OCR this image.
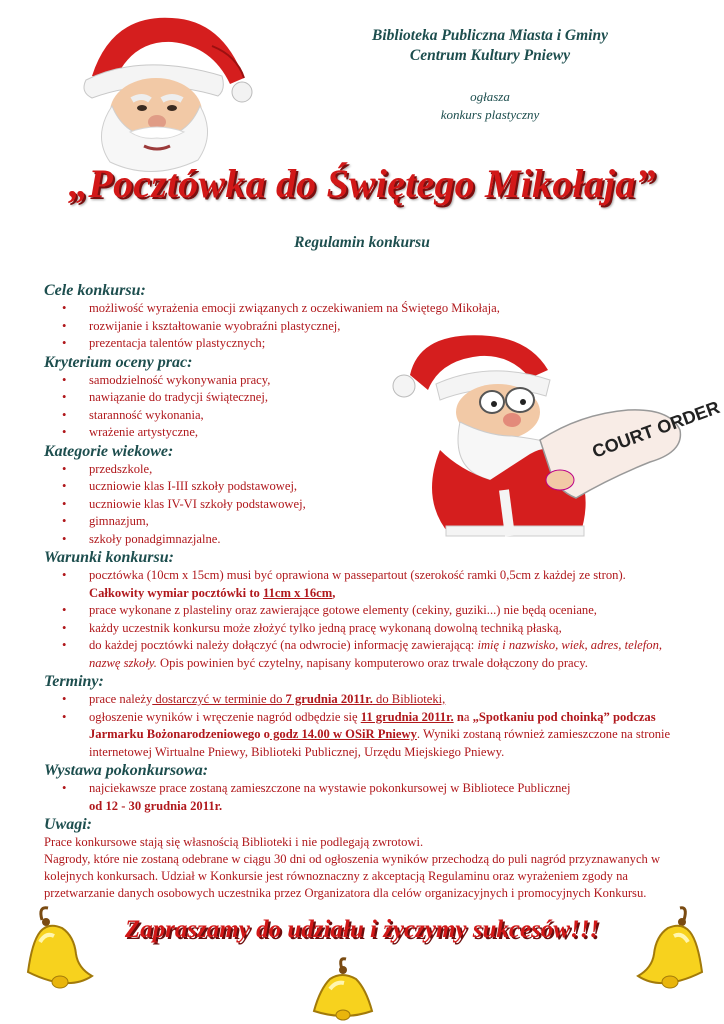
Biblioteka Publiczna Miasta i Gminy
Centrum Kultury Pniewy
ogłasza
konkurs plastyczny
„Pocztówka do Świętego Mikołaja”
Regulamin konkursu
COURT ORDER
Cele konkursu:
• możliwość wyrażenia emocji związanych z oczekiwaniem na Świętego Mikołaja,
• rozwijanie i kształtowanie wyobraźni plastycznej,
• prezentacja talentów plastycznych;
Kryterium oceny prac:
• samodzielność wykonywania pracy,
• nawiązanie do tradycji świątecznej,
• staranność wykonania,
• wrażenie artystyczne,
Kategorie wiekowe:
• przedszkole,
• uczniowie klas I-III szkoły podstawowej,
• uczniowie klas IV-VI szkoły podstawowej,
• gimnazjum,
• szkoły ponadgimnazjalne.
Warunki konkursu:
• pocztówka (10cm x 15cm) musi być oprawiona w passepartout (szerokość ramki 0,5cm z każdej ze stron).
Całkowity wymiar pocztówki to 11cm x 16cm,
• prace wykonane z plasteliny oraz zawierające gotowe elementy (cekiny, guziki...) nie będą oceniane,
• każdy uczestnik konkursu może złożyć tylko jedną pracę wykonaną dowolną techniką płaską,
• do każdej pocztówki należy dołączyć (na odwrocie) informację zawierającą: imię i nazwisko, wiek, adres, telefon, nazwę szkoły. Opis powinien być czytelny, napisany komputerowo oraz trwale dołączony do pracy.
Terminy:
• prace należy dostarczyć w terminie do 7 grudnia 2011r. do Biblioteki,
• ogłoszenie wyników i wręczenie nagród odbędzie się 11 grudnia 2011r. na „Spotkaniu pod choinką” podczas Jarmarku Bożonarodzeniowego o godz 14.00 w OSiR Pniewy. Wyniki zostaną również zamieszczone na stronie internetowej Wirtualne Pniewy, Biblioteki Publicznej, Urzędu Miejskiego Pniewy.
Wystawa pokonkursowa:
• najciekawsze prace zostaną zamieszczone na wystawie pokonkursowej w Bibliotece Publicznej
od 12 - 30 grudnia 2011r.
Uwagi:
Prace konkursowe stają się własnością Biblioteki i nie podlegają zwrotowi.
Nagrody, które nie zostaną odebrane w ciągu 30 dni od ogłoszenia wyników przechodzą do puli nagród przyznawanych w kolejnych konkursach. Udział w Konkursie jest równoznaczny z akceptacją Regulaminu oraz wyrażeniem zgody na przetwarzanie danych osobowych uczestnika przez Organizatora dla celów organizacyjnych i promocyjnych Konkursu.
Zapraszamy do udziału i życzymy sukcesów!!!
